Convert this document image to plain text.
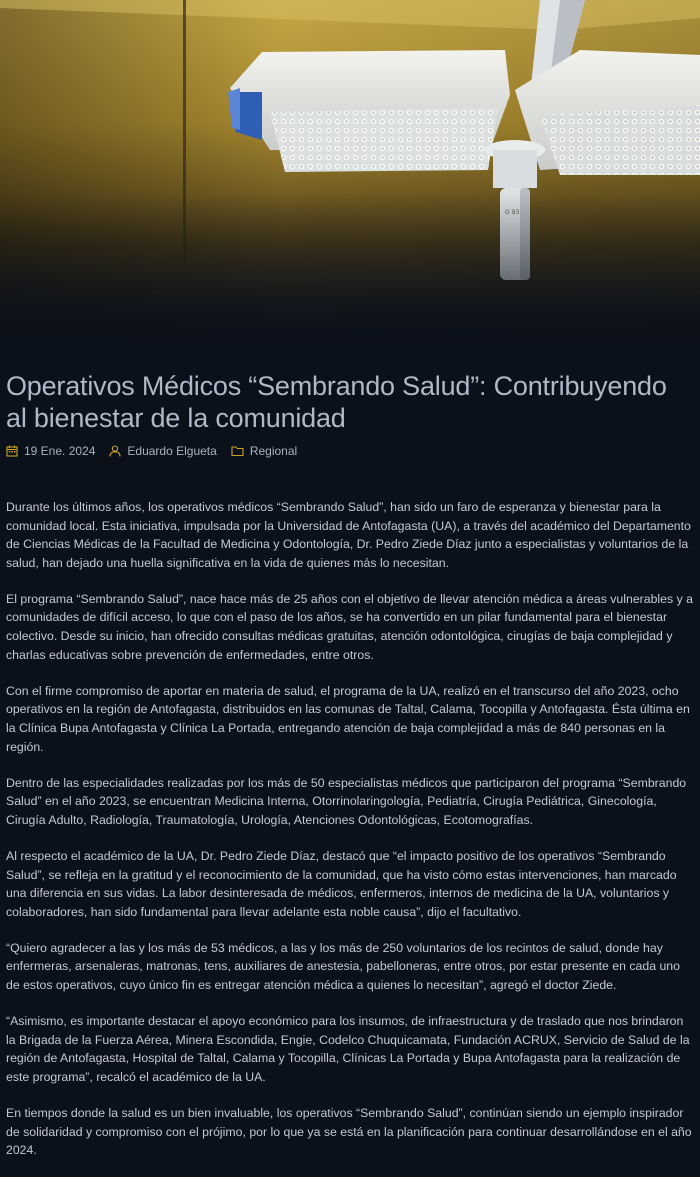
Operativos Médicos “Sembrando Salud”: Contribuyendo al bienestar de la comunidad
19 Ene. 2024	Eduardo Elgueta	Regional

Durante los últimos años, los operativos médicos “Sembrando Salud”, han sido un faro de esperanza y bienestar para la comunidad local. Esta iniciativa, impulsada por la Universidad de Antofagasta (UA), a través del académico del Departamento de Ciencias Médicas de la Facultad de Medicina y Odontología, Dr. Pedro Ziede Díaz junto a especialistas y voluntarios de la salud, han dejado una huella significativa en la vida de quienes más lo necesitan.

El programa “Sembrando Salud”, nace hace más de 25 años con el objetivo de llevar atención médica a áreas vulnerables y a comunidades de difícil acceso, lo que con el paso de los años, se ha convertido en un pilar fundamental para el bienestar colectivo. Desde su inicio, han ofrecido consultas médicas gratuitas, atención odontológica, cirugías de baja complejidad y charlas educativas sobre prevención de enfermedades, entre otros.

Con el firme compromiso de aportar en materia de salud, el programa de la UA, realizó en el transcurso del año 2023, ocho operativos en la región de Antofagasta, distribuidos en las comunas de Taltal, Calama, Tocopilla y Antofagasta. Ésta última en la Clínica Bupa Antofagasta y Clínica La Portada, entregando atención de baja complejidad a más de 840 personas en la región.

Dentro de las especialidades realizadas por los más de 50 especialistas médicos que participaron del programa “Sembrando Salud” en el año 2023, se encuentran Medicina Interna, Otorrinolaringología, Pediatría, Cirugía Pediátrica, Ginecología, Cirugía Adulto, Radiología, Traumatología, Urología, Atenciones Odontológicas, Ecotomografías.

Al respecto el académico de la UA, Dr. Pedro Ziede Díaz, destacó que “el impacto positivo de los operativos “Sembrando Salud”, se refleja en la gratitud y el reconocimiento de la comunidad, que ha visto cómo estas intervenciones, han marcado una diferencia en sus vidas. La labor desinteresada de médicos, enfermeros, internos de medicina de la UA, voluntarios y colaboradores, han sido fundamental para llevar adelante esta noble causa”, dijo el facultativo.

“Quiero agradecer a las y los más de 53 médicos, a las y los más de 250 voluntarios de los recintos de salud, donde hay enfermeras, arsenaleras, matronas, tens, auxiliares de anestesia, pabelloneras, entre otros, por estar presente en cada uno de estos operativos, cuyo único fin es entregar atención médica a quienes lo necesitan”, agregó el doctor Ziede.

“Asimismo, es importante destacar el apoyo económico para los insumos, de infraestructura y de traslado que nos brindaron la Brigada de la Fuerza Aérea, Minera Escondida, Engie, Codelco Chuquicamata, Fundación ACRUX, Servicio de Salud de la región de Antofagasta, Hospital de Taltal, Calama y Tocopilla, Clínicas La Portada y Bupa Antofagasta para la realización de este programa”, recalcó el académico de la UA.

En tiempos donde la salud es un bien invaluable, los operativos “Sembrando Salud”, continúan siendo un ejemplo inspirador de solidaridad y compromiso con el prójimo, por lo que ya se está en la planificación para continuar desarrollándose en el año 2024.
